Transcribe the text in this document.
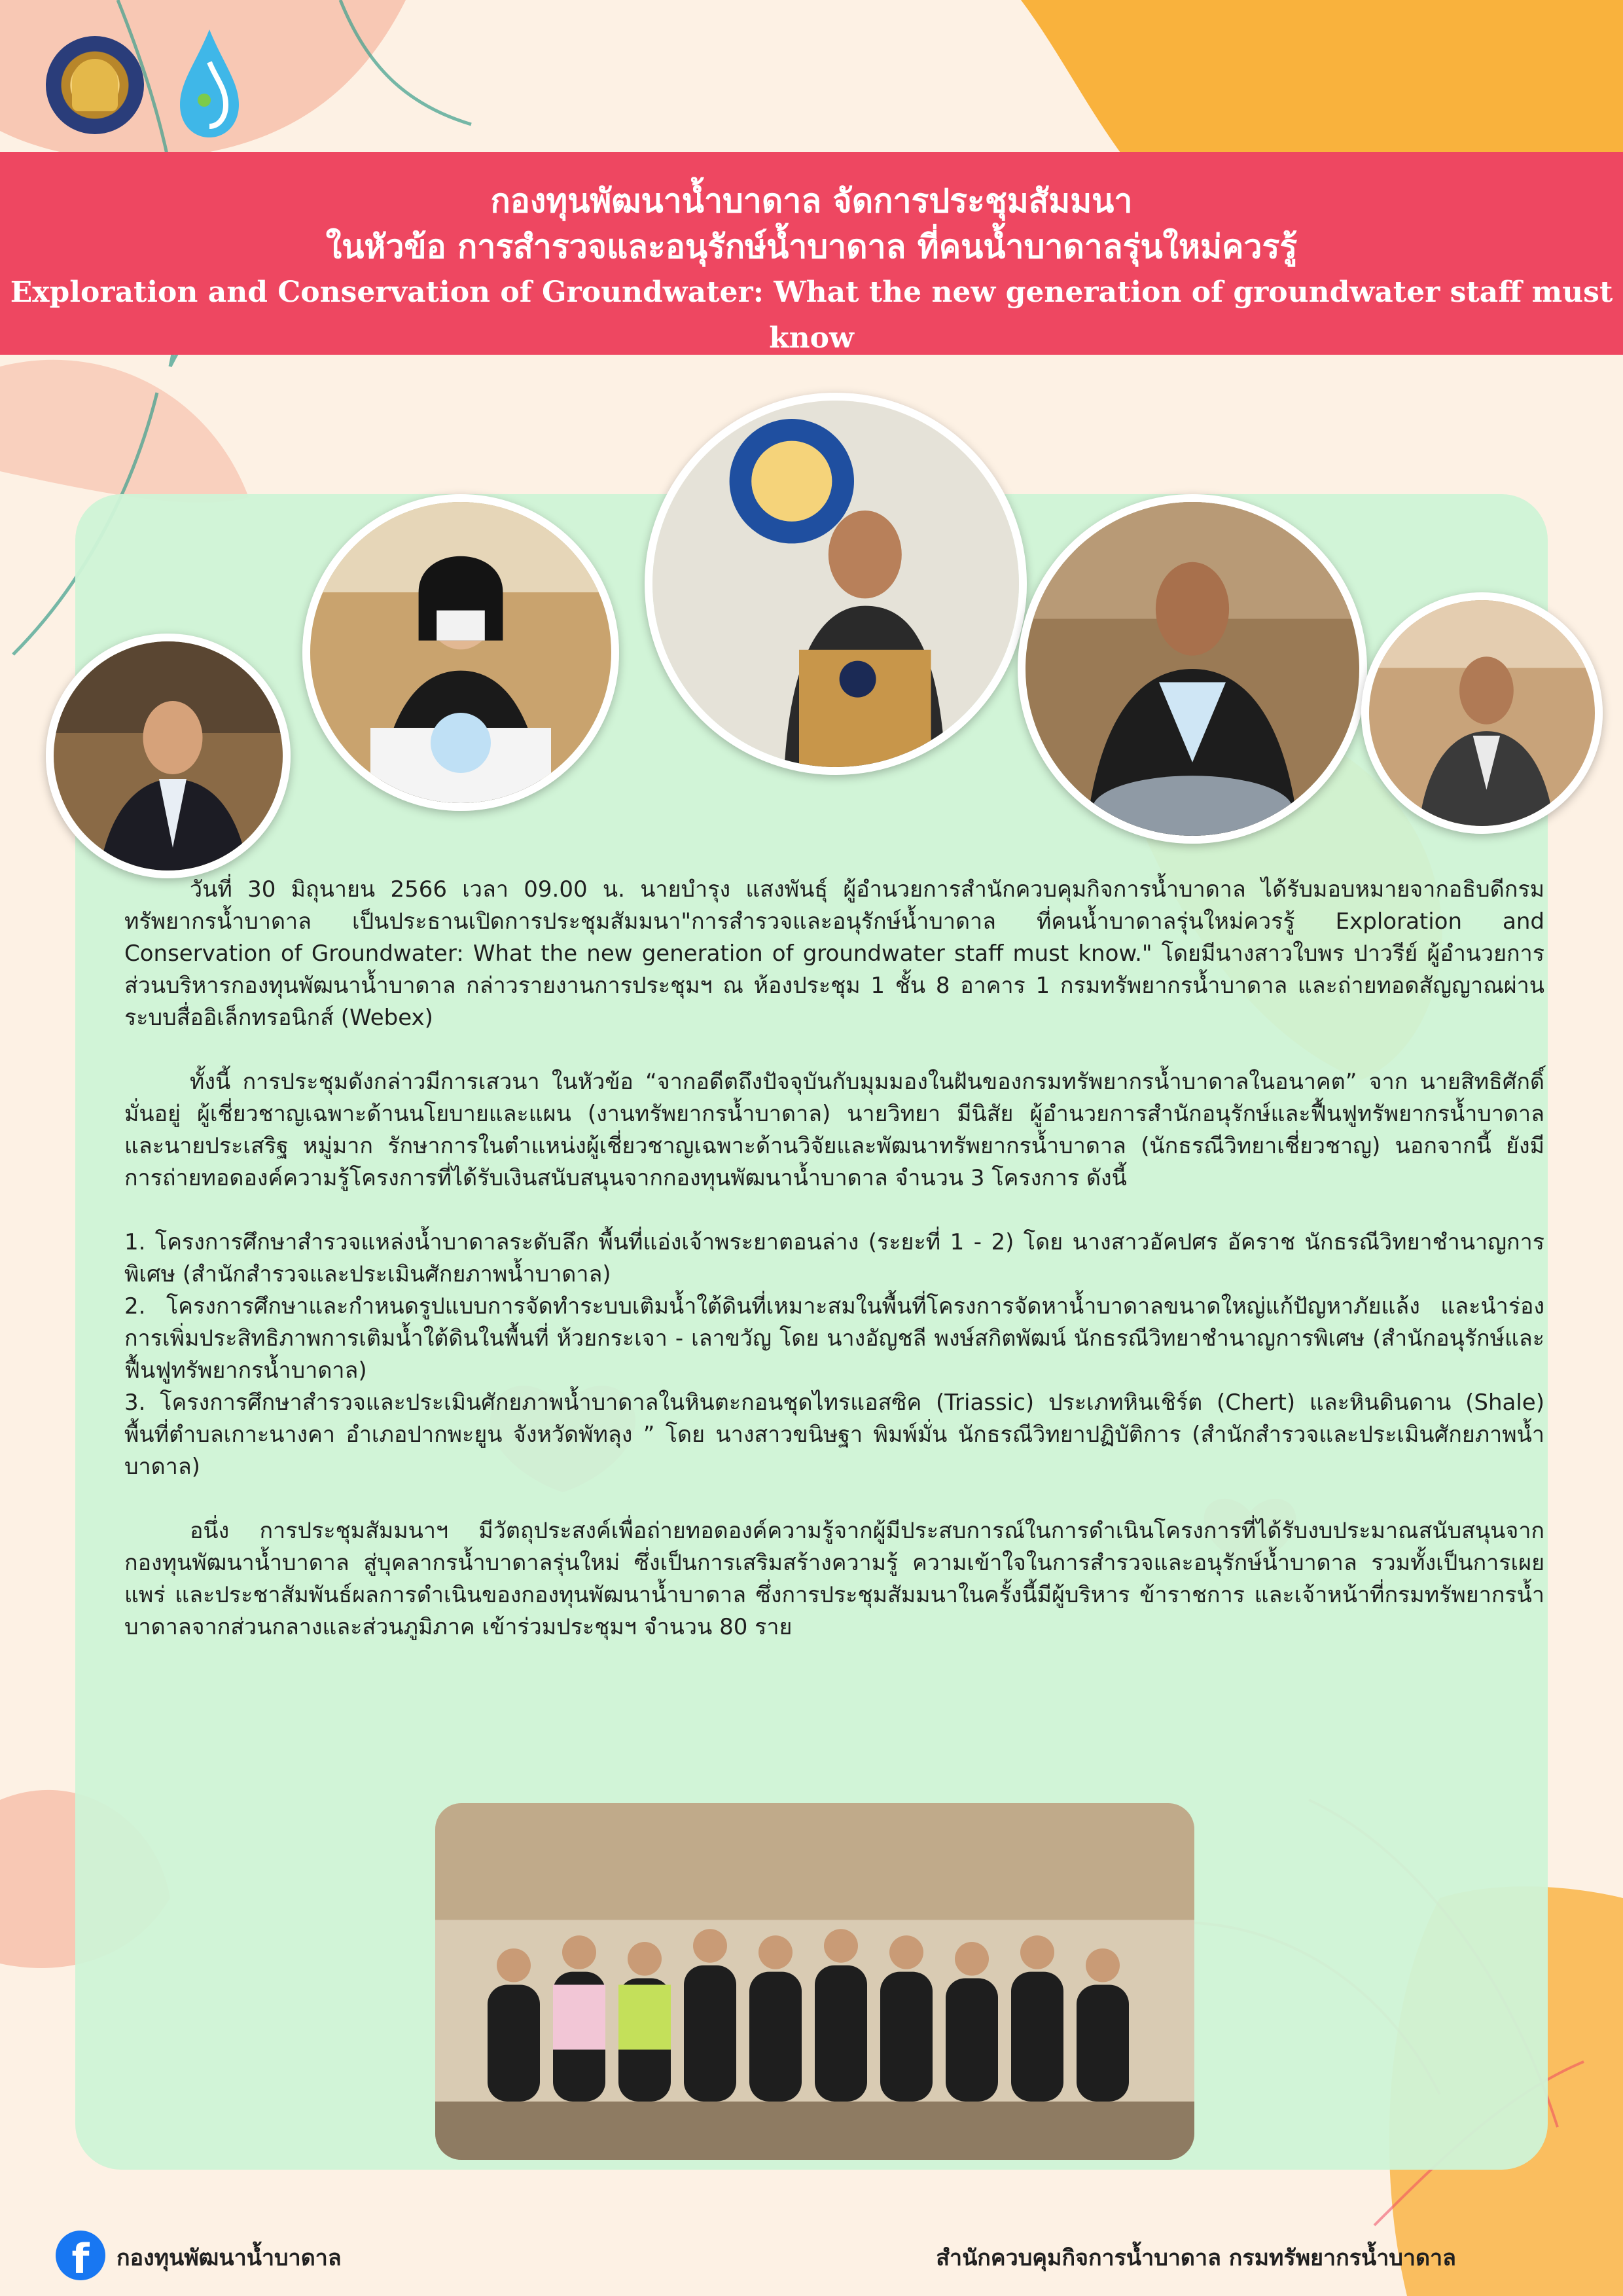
กองทุนพัฒนาน้ำบาดาล จัดการประชุมสัมมนา
ในหัวข้อ การสำรวจและอนุรักษ์น้ำบาดาล ที่คนน้ำบาดาลรุ่นใหม่ควรรู้
Exploration and Conservation of Groundwater: What the new generation of groundwater staff must know

วันที่ 30 มิถุนายน 2566 เวลา 09.00 น. นายบำรุง แสงพันธุ์ ผู้อำนวยการสำนักควบคุมกิจการน้ำบาดาล ได้รับมอบหมายจากอธิบดีกรมทรัพยากรน้ำบาดาล เป็นประธานเปิดการประชุมสัมมนา"การสำรวจและอนุรักษ์น้ำบาดาล ที่คนน้ำบาดาลรุ่นใหม่ควรรู้ Exploration and Conservation of Groundwater: What the new generation of groundwater staff must know." โดยมีนางสาวใบพร ปาวรีย์ ผู้อำนวยการส่วนบริหารกองทุนพัฒนาน้ำบาดาล กล่าวรายงานการประชุมฯ ณ ห้องประชุม 1 ชั้น 8 อาคาร 1 กรมทรัพยากรน้ำบาดาล และถ่ายทอดสัญญาณผ่านระบบสื่ออิเล็กทรอนิกส์ (Webex)

ทั้งนี้ การประชุมดังกล่าวมีการเสวนา ในหัวข้อ “จากอดีตถึงปัจจุบันกับมุมมองในฝันของกรมทรัพยากรน้ำบาดาลในอนาคต” จาก นายสิทธิศักดิ์ มั่นอยู่ ผู้เชี่ยวชาญเฉพาะด้านนโยบายและแผน (งานทรัพยากรน้ำบาดาล) นายวิทยา มีนิสัย ผู้อำนวยการสำนักอนุรักษ์และฟื้นฟูทรัพยากรน้ำบาดาล และนายประเสริฐ หมู่มาก รักษาการในตำแหน่งผู้เชี่ยวชาญเฉพาะด้านวิจัยและพัฒนาทรัพยากรน้ำบาดาล (นักธรณีวิทยาเชี่ยวชาญ) นอกจากนี้ ยังมีการถ่ายทอดองค์ความรู้โครงการที่ได้รับเงินสนับสนุนจากกองทุนพัฒนาน้ำบาดาล จำนวน 3 โครงการ ดังนี้

1. โครงการศึกษาสำรวจแหล่งน้ำบาดาลระดับลึก พื้นที่แอ่งเจ้าพระยาตอนล่าง (ระยะที่ 1 - 2) โดย นางสาวอัคปศร อัคราช นักธรณีวิทยาชำนาญการพิเศษ (สำนักสำรวจและประเมินศักยภาพน้ำบาดาล)

2. โครงการศึกษาและกำหนดรูปแบบการจัดทำระบบเติมน้ำใต้ดินที่เหมาะสมในพื้นที่โครงการจัดหาน้ำบาดาลขนาดใหญ่แก้ปัญหาภัยแล้ง และนำร่องการเพิ่มประสิทธิภาพการเติมน้ำใต้ดินในพื้นที่ ห้วยกระเจา - เลาขวัญ โดย นางอัญชลี พงษ์สกิตพัฒน์ นักธรณีวิทยาชำนาญการพิเศษ (สำนักอนุรักษ์และฟื้นฟูทรัพยากรน้ำบาดาล)

3. โครงการศึกษาสำรวจและประเมินศักยภาพน้ำบาดาลในหินตะกอนชุดไทรแอสซิค (Triassic) ประเภทหินเชิร์ต (Chert) และหินดินดาน (Shale) พื้นที่ตำบลเกาะนางคา อำเภอปากพะยูน จังหวัดพัทลุง ” โดย นางสาวขนิษฐา พิมพ์มั่น นักธรณีวิทยาปฏิบัติการ (สำนักสำรวจและประเมินศักยภาพน้ำบาดาล)

อนึ่ง การประชุมสัมมนาฯ มีวัตถุประสงค์เพื่อถ่ายทอดองค์ความรู้จากผู้มีประสบการณ์ในการดำเนินโครงการที่ได้รับงบประมาณสนับสนุนจากกองทุนพัฒนาน้ำบาดาล สู่บุคลากรน้ำบาดาลรุ่นใหม่ ซึ่งเป็นการเสริมสร้างความรู้ ความเข้าใจในการสำรวจและอนุรักษ์น้ำบาดาล รวมทั้งเป็นการเผยแพร่ และประชาสัมพันธ์ผลการดำเนินของกองทุนพัฒนาน้ำบาดาล ซึ่งการประชุมสัมมนาในครั้งนี้มีผู้บริหาร ข้าราชการ และเจ้าหน้าที่กรมทรัพยากรน้ำบาดาลจากส่วนกลางและส่วนภูมิภาค เข้าร่วมประชุมฯ จำนวน 80 ราย

f	กองทุนพัฒนาน้ำบาดาล	สำนักควบคุมกิจการน้ำบาดาล กรมทรัพยากรน้ำบาดาล
